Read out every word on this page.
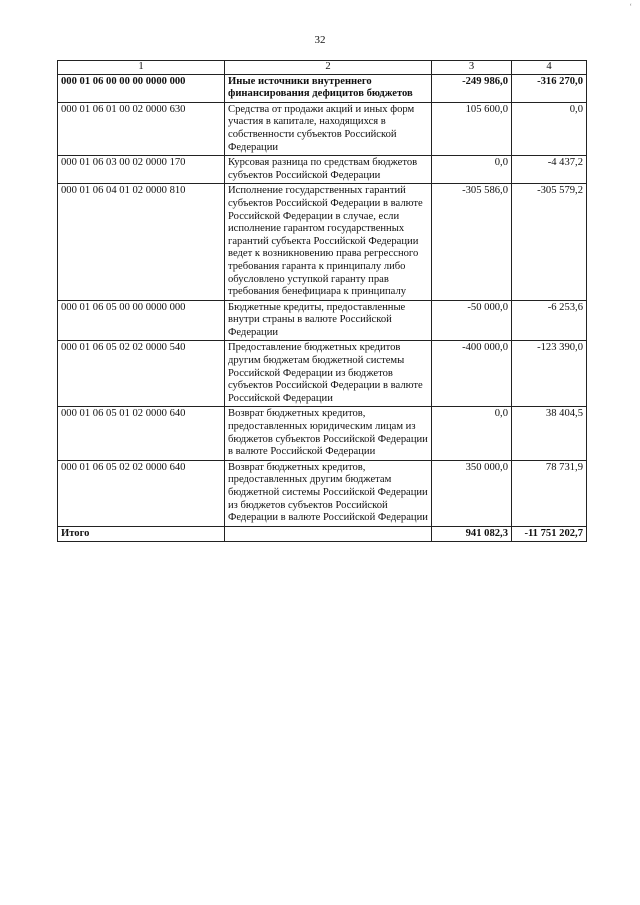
32
‘
1	2	3	4
000 01 06 00 00 00 0000 000	Иные источники внутреннего финансирования дефицитов бюджетов	-249 986,0	-316 270,0
000 01 06 01 00 02 0000 630	Средства от продажи акций и иных форм участия в капитале, находящихся в собственности субъектов Российской Федерации	105 600,0	0,0
000 01 06 03 00 02 0000 170	Курсовая разница по средствам бюджетов субъектов Российской Федерации	0,0	-4 437,2
000 01 06 04 01 02 0000 810	Исполнение государственных гарантий субъектов Российской Федерации в валюте Российской Федерации в случае, если исполнение гарантом государственных гарантий субъекта Российской Федерации ведет к возникновению права регрессного требования гаранта к принципалу либо обусловлено уступкой гаранту прав требования бенефициара к принципалу	-305 586,0	-305 579,2
000 01 06 05 00 00 0000 000	Бюджетные кредиты, предоставленные внутри страны в валюте Российской Федерации	-50 000,0	-6 253,6
000 01 06 05 02 02 0000 540	Предоставление бюджетных кредитов другим бюджетам бюджетной системы Российской Федерации из бюджетов субъектов Российской Федерации в валюте Российской Федерации	-400 000,0	-123 390,0
000 01 06 05 01 02 0000 640	Возврат бюджетных кредитов, предоставленных юридическим лицам из бюджетов субъектов Российской Федерации в валюте Российской Федерации	0,0	38 404,5
000 01 06 05 02 02 0000 640	Возврат бюджетных кредитов, предоставленных другим бюджетам бюджетной системы Российской Федерации из бюджетов субъектов Российской Федерации в валюте Российской Федерации	350 000,0	78 731,9
Итого		941 082,3	-11 751 202,7
